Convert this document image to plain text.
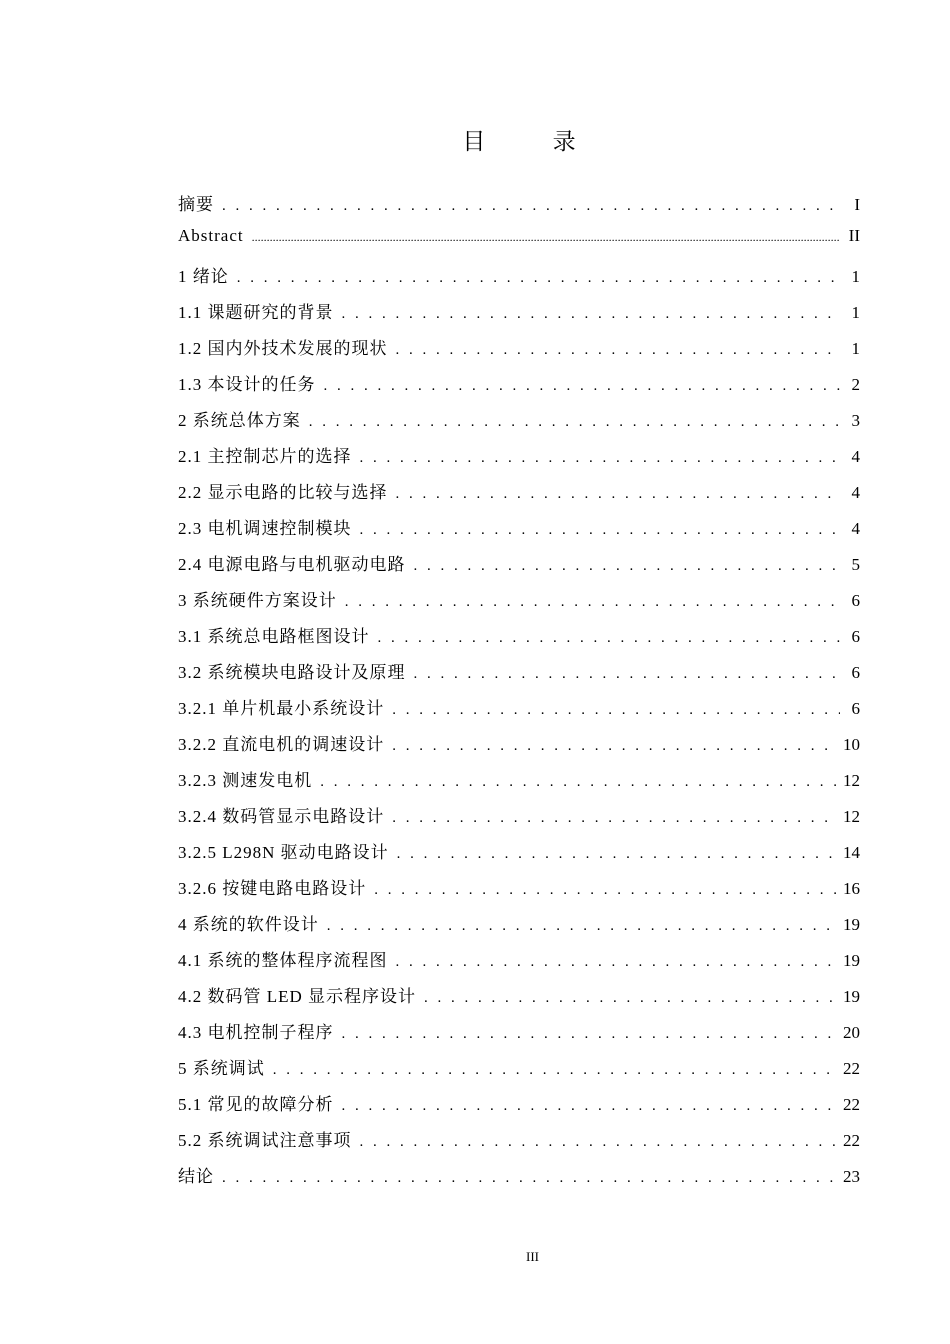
目 录
摘要 . . .	I
Abstract .....	II
1 绪论 . . .	1
1.1 课题研究的背景 . . .	1
1.2 国内外技术发展的现状 . . .	1
1.3 本设计的任务 . . .	2
2 系统总体方案 . . .	3
2.1 主控制芯片的选择 . . .	4
2.2 显示电路的比较与选择 . . .	4
2.3 电机调速控制模块 . . .	4
2.4 电源电路与电机驱动电路 . . .	5
3 系统硬件方案设计 . . .	6
3.1 系统总电路框图设计 . . .	6
3.2 系统模块电路设计及原理 . . .	6
3.2.1 单片机最小系统设计 . . .	6
3.2.2 直流电机的调速设计 . . .	10
3.2.3 测速发电机 . . .	12
3.2.4 数码管显示电路设计 . . .	12
3.2.5 L298N 驱动电路设计 . . .	14
3.2.6 按键电路电路设计 . . .	16
4 系统的软件设计 . . .	19
4.1 系统的整体程序流程图 . . .	19
4.2 数码管 LED 显示程序设计 . . .	19
4.3 电机控制子程序 . . .	20
5 系统调试 . . .	22
5.1 常见的故障分析 . . .	22
5.2 系统调试注意事项 . . .	22
结论 . . .	23
III
